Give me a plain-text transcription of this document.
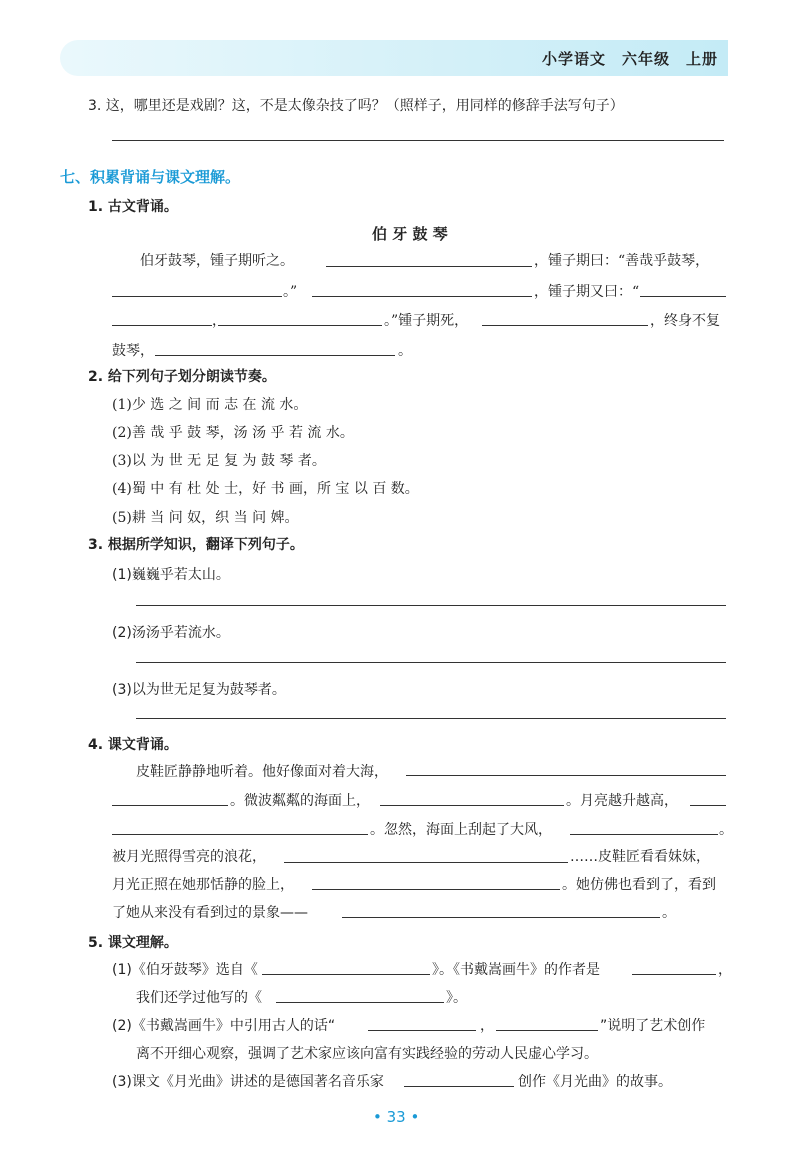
小学语文　六年级　上册
3. 这，哪里还是戏剧？这，不是太像杂技了吗？（照样子，用同样的修辞手法写句子）
七、积累背诵与课文理解。
1. 古文背诵。
伯 牙 鼓 琴
伯牙鼓琴，锺子期听之。	，锺子期曰：“善哉乎鼓琴，
。”	，锺子期又曰：“
，	。”锺子期死，	，终身不复
鼓琴，	。
2. 给下列句子划分朗读节奏。
(1)少 选 之 间 而 志 在 流 水。
(2)善 哉 乎 鼓 琴，汤 汤 乎 若 流 水。
(3)以 为 世 无 足 复 为 鼓 琴 者。
(4)蜀 中 有 杜 处 士，好 书 画，所 宝 以 百 数。
(5)耕 当 问 奴，织 当 问 婢。
3. 根据所学知识，翻译下列句子。
(1)巍巍乎若太山。
(2)汤汤乎若流水。
(3)以为世无足复为鼓琴者。
4. 课文背诵。
皮鞋匠静静地听着。他好像面对着大海，
。微波粼粼的海面上，	。月亮越升越高，
。忽然，海面上刮起了大风，	。
被月光照得雪亮的浪花，	……皮鞋匠看看妹妹，
月光正照在她那恬静的脸上，	。她仿佛也看到了，看到
了她从来没有看到过的景象——	。
5. 课文理解。
(1)《伯牙鼓琴》选自《	》。《书戴嵩画牛》的作者是	，
我们还学过他写的《	》。
(2)《书戴嵩画牛》中引用古人的话“	，	”说明了艺术创作
离不开细心观察，强调了艺术家应该向富有实践经验的劳动人民虚心学习。
(3)课文《月光曲》讲述的是德国著名音乐家	创作《月光曲》的故事。
• 33 •
